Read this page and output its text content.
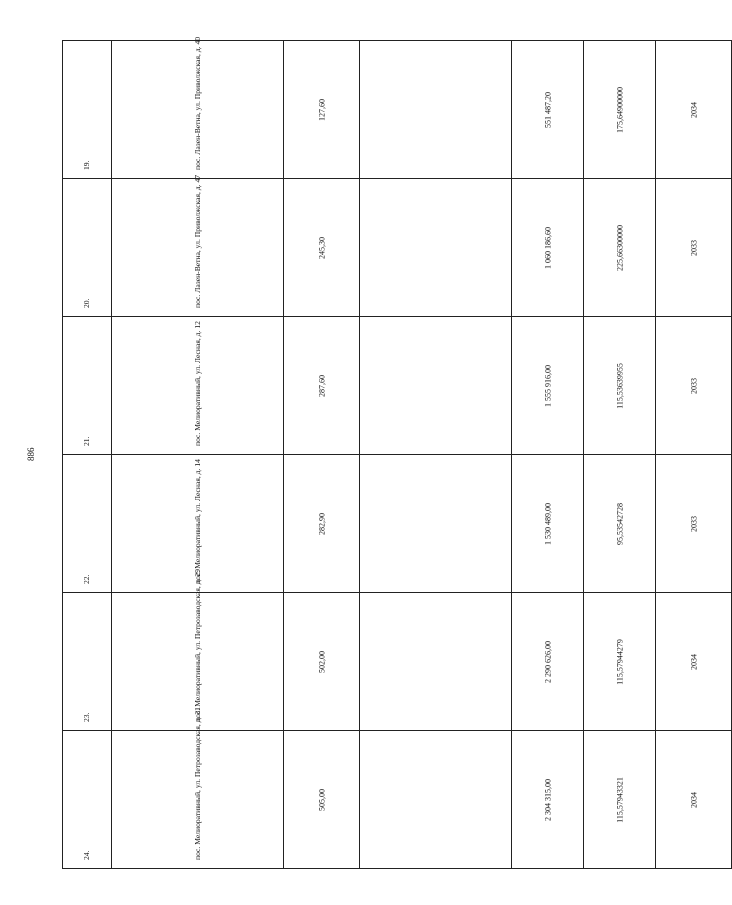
886
19.	пос. Лазен-Ветна, ул. Приволжская, д. 40	127,60		551 487,20	175,64900000	2034

20.	пос. Лазен-Ветна, ул. Приволжская, д. 47	245,30		1 060 186,60	225,66300000	2033

21.	пос. Мелиоративный, ул. Лесная, д. 12	287,60		1 555 916,00	115,53639955	2033

22.	пос. Мелиоративный, ул. Лесная, д. 14	282,90		1 530 489,00	95,53542728	2033

23.	пос. Мелиоративный, ул. Петрозаводская, д. 29	502,00		2 290 626,00	115,57944279	2034

24.	пос. Мелиоративный, ул. Петрозаводская, д. 31	505,00		2 304 315,00	115,57943321	2034
